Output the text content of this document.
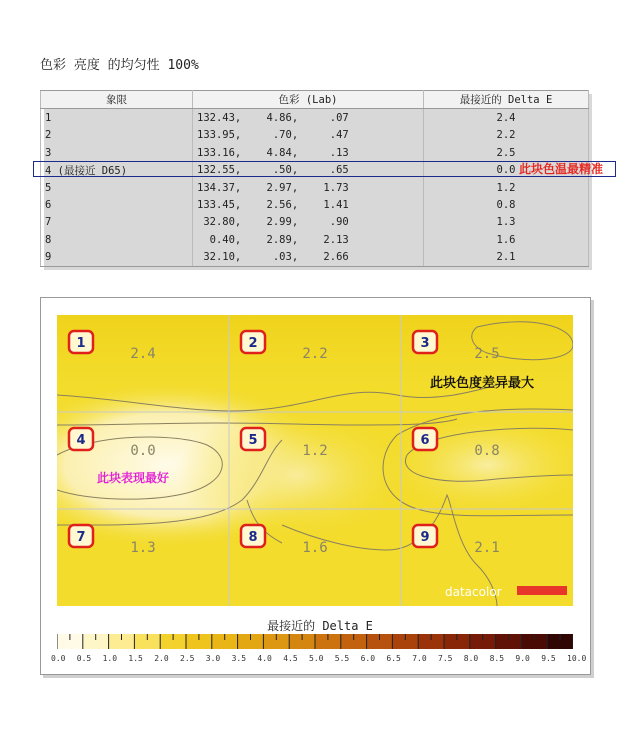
色彩 亮度 的均匀性 100%
象限	色彩 (Lab)	最接近的 Delta E
1	132.43,    4.86,     .07	2.4
2	133.95,     .70,     .47	2.2
3	133.16,    4.84,     .13	2.5
4 (最接近 D65)	132.55,     .50,     .65	0.0
5	134.37,    2.97,    1.73	1.2
6	133.45,    2.56,    1.41	0.8
7	32.80,    2.99,     .90	1.3
8	0.40,    2.89,    2.13	1.6
9	32.10,     .03,    2.66	2.1
此块色温最精准
1
2.4
2
2.2
3
2.5
4
0.0
5
1.2
6
0.8
7
1.3
8
1.6
9
2.1
此块色度差异最大
此块表现最好
datacolor
最接近的 Delta E
0.0 0.5 1.0 1.5 2.0 2.5 3.0 3.5 4.0 4.5 5.0 5.5 6.0 6.5 7.0 7.5 8.0 8.5 9.0 9.5 10.0
